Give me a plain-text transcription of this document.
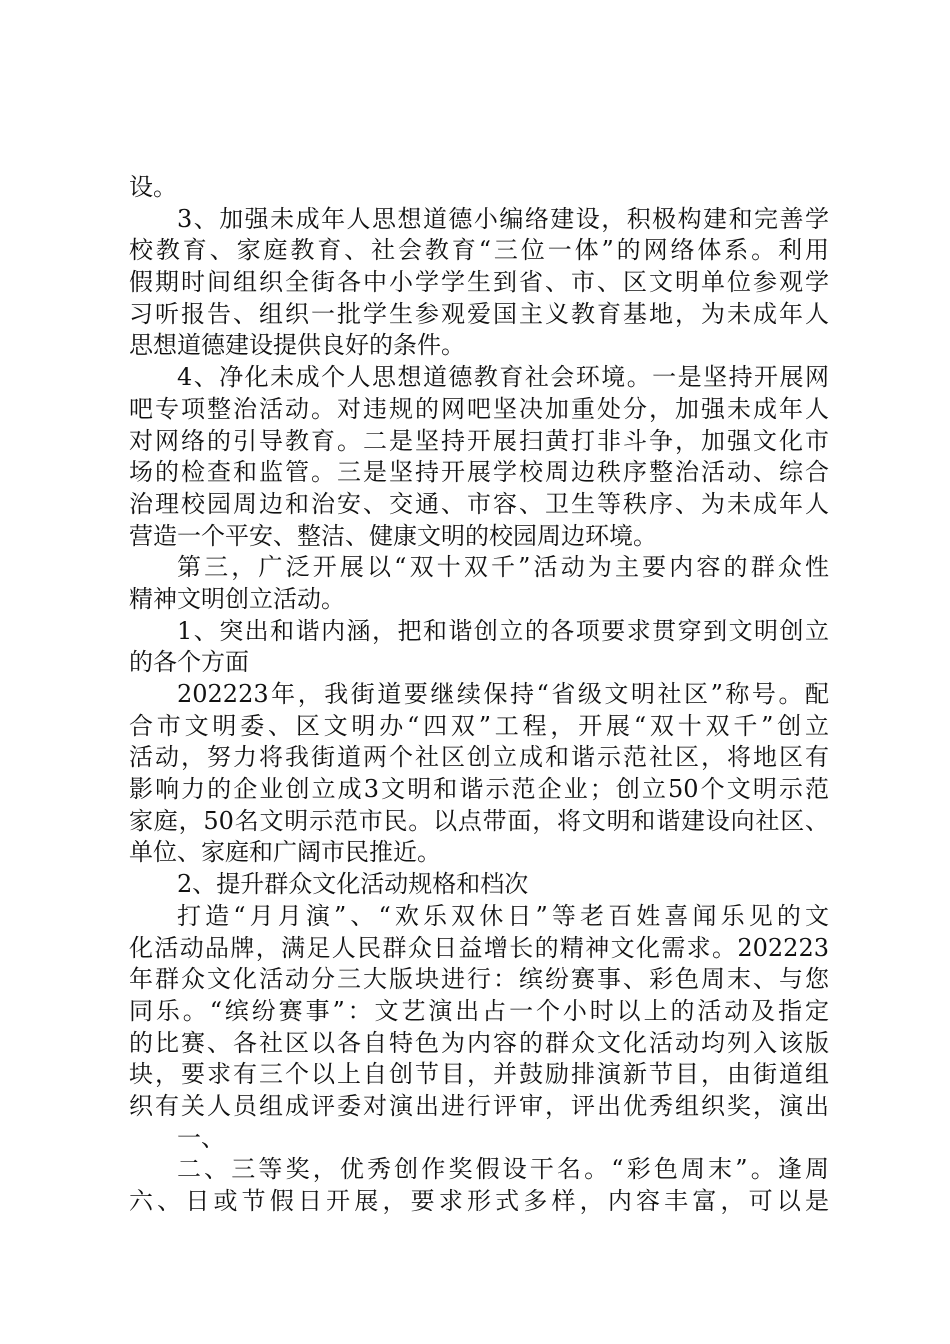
设。
3、加强未成年人思想道德小编络建设，积极构建和完善学
校教育、家庭教育、社会教育“三位一体”的网络体系。利用
假期时间组织全街各中小学学生到省、市、区文明单位参观学
习听报告、组织一批学生参观爱国主义教育基地，为未成年人
思想道德建设提供良好的条件。
4、净化未成个人思想道德教育社会环境。一是坚持开展网
吧专项整治活动。对违规的网吧坚决加重处分，加强未成年人
对网络的引导教育。二是坚持开展扫黄打非斗争，加强文化市
场的检查和监管。三是坚持开展学校周边秩序整治活动、综合
治理校园周边和治安、交通、市容、卫生等秩序、为未成年人
营造一个平安、整洁、健康文明的校园周边环境。
第三，广泛开展以“双十双千”活动为主要内容的群众性
精神文明创立活动。
1、突出和谐内涵，把和谐创立的各项要求贯穿到文明创立
的各个方面
202223年，我街道要继续保持“省级文明社区”称号。配
合市文明委、区文明办“四双”工程，开展“双十双千”创立
活动，努力将我街道两个社区创立成和谐示范社区，将地区有
影响力的企业创立成3文明和谐示范企业；创立50个文明示范
家庭，50名文明示范市民。以点带面，将文明和谐建设向社区、
单位、家庭和广阔市民推近。
2、提升群众文化活动规格和档次
打造“月月演”、“欢乐双休日”等老百姓喜闻乐见的文
化活动品牌，满足人民群众日益增长的精神文化需求。202223
年群众文化活动分三大版块进行：缤纷赛事、彩色周末、与您
同乐。“缤纷赛事”：文艺演出占一个小时以上的活动及指定
的比赛、各社区以各自特色为内容的群众文化活动均列入该版
块，要求有三个以上自创节目，并鼓励排演新节目，由街道组
织有关人员组成评委对演出进行评审，评出优秀组织奖，演出
一、
二、三等奖，优秀创作奖假设干名。“彩色周末”。逢周
六、日或节假日开展，要求形式多样，内容丰富，可以是
